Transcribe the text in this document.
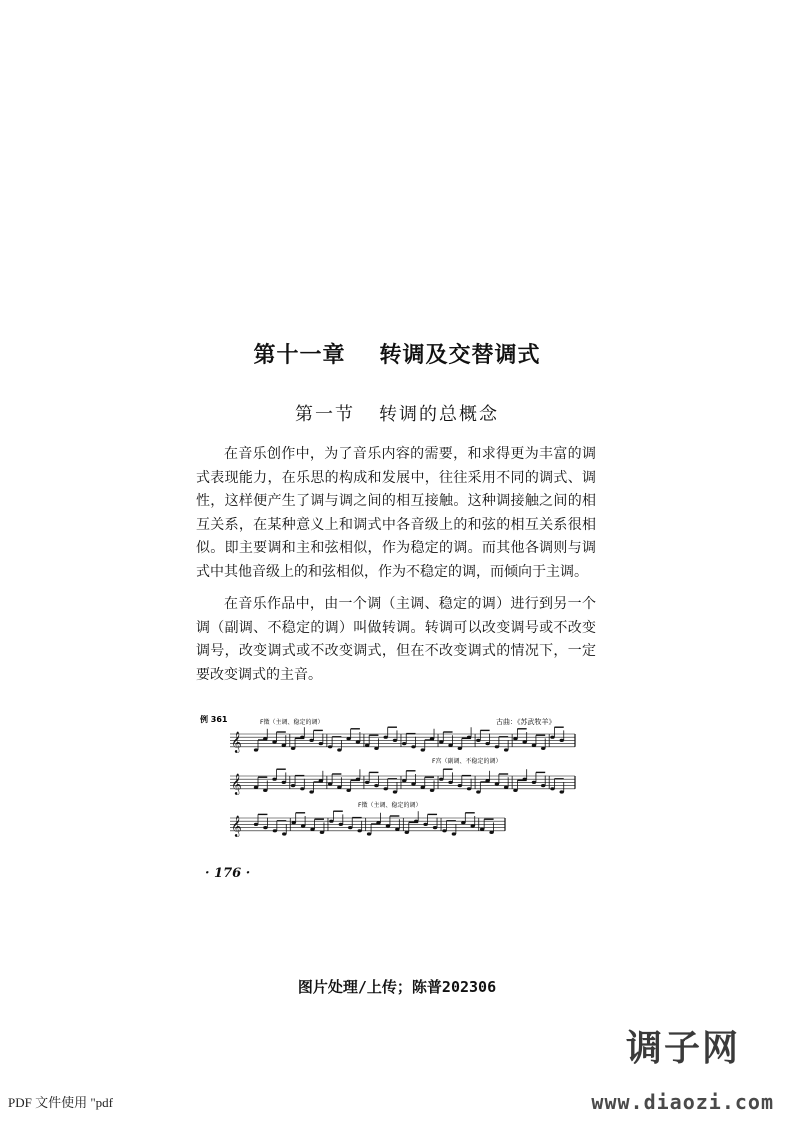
第十一章 转调及交替调式
第一节 转调的总概念

在音乐创作中，为了音乐内容的需要，和求得更为丰富的调式表现能力，在乐思的构成和发展中，往往采用不同的调式、调性，这样便产生了调与调之间的相互接触。这种调接触之间的相互关系，在某种意义上和调式中各音级上的和弦的相互关系很相似。即主要调和主和弦相似，作为稳定的调。而其他各调则与调式中其他音级上的和弦相似，作为不稳定的调，而倾向于主调。

在音乐作品中，由一个调（主调、稳定的调）进行到另一个调（副调、不稳定的调）叫做转调。转调可以改变调号或不改变调号，改变调式或不改变调式，但在不改变调式的情况下，一定要改变调式的主音。

例 361	F徵（主调、稳定的调）	古曲：《苏武牧羊》
F宫（副调、不稳定的调）
F徵（主调、稳定的调）
𝄞
𝄞
𝄞
· 176 ·
图片处理/上传；陈普202306
调子网
www.diaozi.com
PDF 文件使用 "pdf
